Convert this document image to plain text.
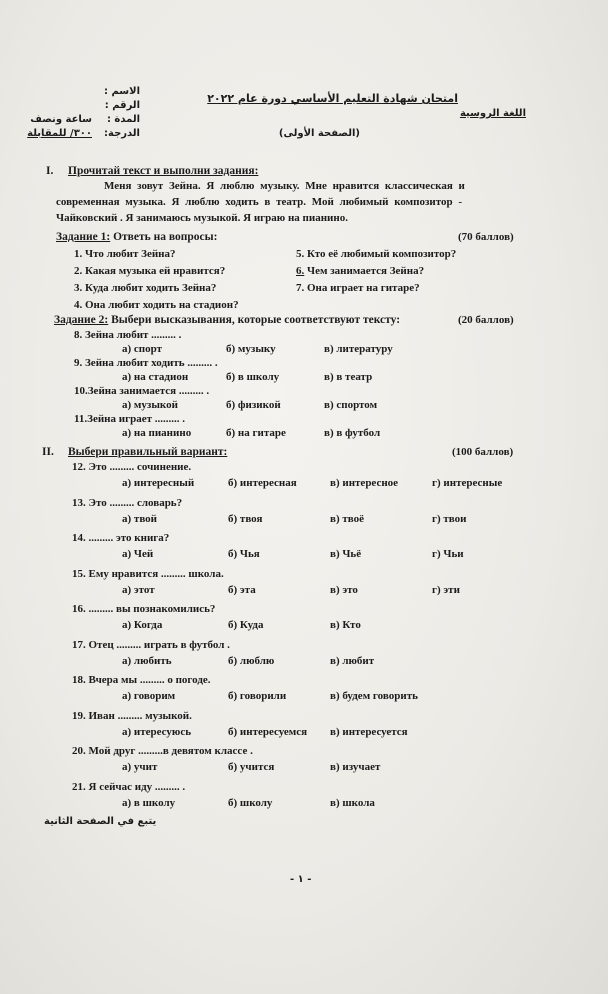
الاسم :
الرقم :
المدة :
ساعة ونصف
الدرجة:
٣٠٠/ للمقابلة
امتحان شهادة التعليم الأساسي دورة عام ٢٠٢٢
اللغة الروسية
(الصفحة الأولى)
I. Прочитай текст и выполни задания:
Меня зовут Зейна. Я люблю музыку. Мне нравится классическая и
современная музыка. Я люблю ходить в театр. Мой любимый композитор -
Чайковский . Я занимаюсь музыкой. Я играю на пианино.
Задание 1: Ответь на вопросы:	(70 баллов)
1. Что любит Зейна?
2. Какая музыка ей нравится?
3. Куда любит ходить Зейна?
4. Она любит ходить на стадион?
5. Кто её любимый композитор?
6. Чем занимается Зейна?
7. Она играет на гитаре?
Задание 2: Выбери высказывания, которые соответствуют тексту:	(20 баллов)
8. Зейна любит ......... .
а) спорт	б) музыку	в) литературу
9. Зейна любит ходить ......... .
а) на стадион	б) в школу	в) в театр
10.Зейна занимается ......... .
а) музыкой	б) физикой	в) спортом
11.Зейна играет ......... .
а) на пианино	б) на гитаре	в) в футбол
II. Выбери правильный вариант:	(100 баллов)
12. Это ......... сочинение.
а) интересный	б) интересная	в) интересное	г) интересные
13. Это ......... словарь?
а) твой	б) твоя	в) твоё	г) твои
14. ......... это книга?
а) Чей	б) Чья	в) Чьё	г) Чьи
15. Ему нравится ......... школа.
а) этот	б) эта	в) это	г) эти
16. ......... вы познакомились?
а) Когда	б) Куда	в) Кто
17. Отец ......... играть в футбол .
а) любить	б) люблю	в) любит
18. Вчера мы ......... о погоде.
а) говорим	б) говорили	в) будем говорить
19. Иван ......... музыкой.
а) итересуюсь	б) интересуемся в) интересуется
20. Мой друг .........в девятом классе .
а) учит	б) учится	в) изучает
21. Я сейчас иду ......... .
а) в школу	б) школу	в) школа
يتبع في الصفحة الثانية
- ١ -
